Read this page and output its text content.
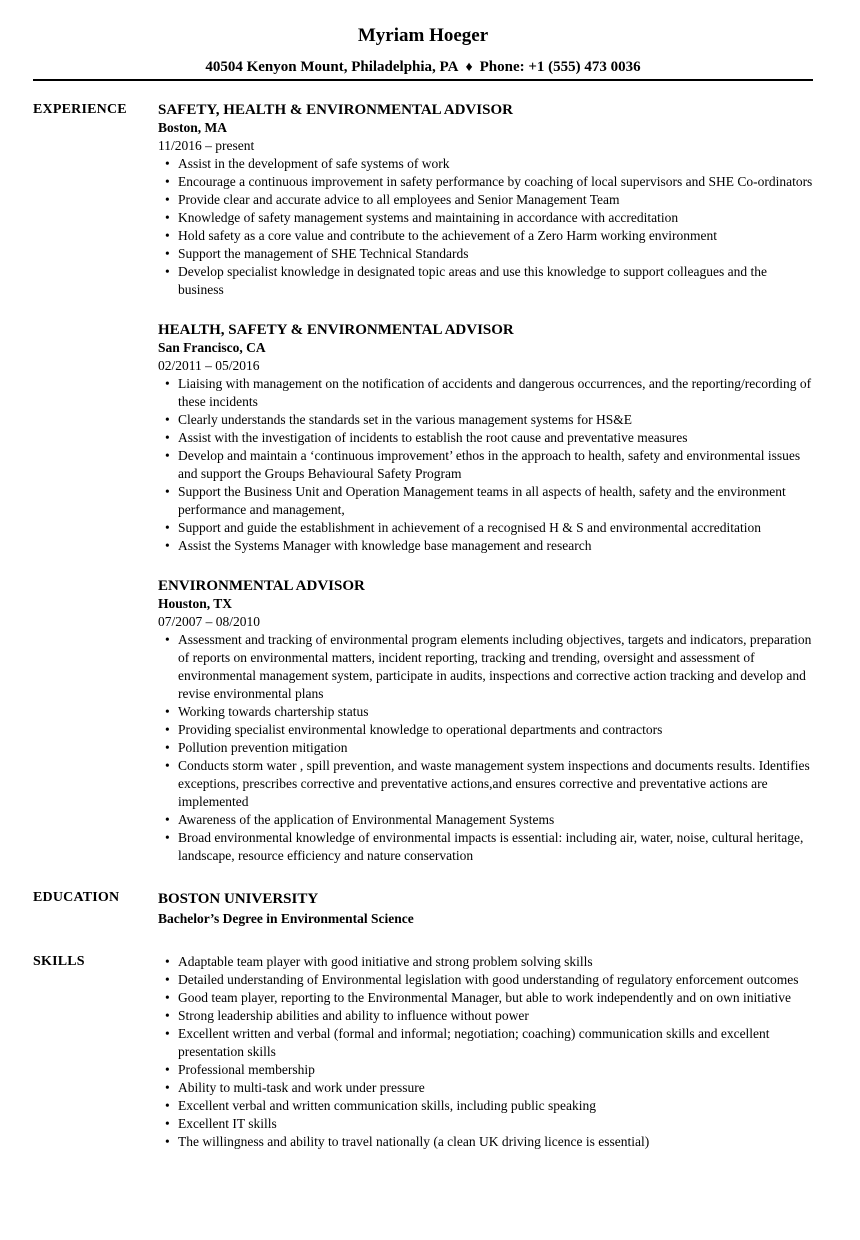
Myriam Hoeger
40504 Kenyon Mount, Philadelphia, PA ♦ Phone: +1 (555) 473 0036
EXPERIENCE	SAFETY, HEALTH & ENVIRONMENTAL ADVISOR
Boston, MA
11/2016 – present
•
Assist in the development of safe systems of work
•
Encourage a continuous improvement in safety performance by coaching of local supervisors and SHE Co-ordinators
•
Provide clear and accurate advice to all employees and Senior Management Team
•
Knowledge of safety management systems and maintaining in accordance with accreditation
•
Hold safety as a core value and contribute to the achievement of a Zero Harm working environment
•
Support the management of SHE Technical Standards
•
Develop specialist knowledge in designated topic areas and use this knowledge to support colleagues and the business
HEALTH, SAFETY & ENVIRONMENTAL ADVISOR
San Francisco, CA
02/2011 – 05/2016
•
Liaising with management on the notification of accidents and dangerous occurrences, and the reporting/recording of these incidents
•
Clearly understands the standards set in the various management systems for HS&E
•
Assist with the investigation of incidents to establish the root cause and preventative measures
•
Develop and maintain a ‘continuous improvement’ ethos in the approach to health, safety and environmental issues and support the Groups Behavioural Safety Program
•
Support the Business Unit and Operation Management teams in all aspects of health, safety and the environment performance and management,
•
Support and guide the establishment in achievement of a recognised H & S and environmental accreditation
•
Assist the Systems Manager with knowledge base management and research
ENVIRONMENTAL ADVISOR
Houston, TX
07/2007 – 08/2010
•
Assessment and tracking of environmental program elements including objectives, targets and indicators, preparation of reports on environmental matters, incident reporting, tracking and trending, oversight and assessment of environmental management system, participate in audits, inspections and corrective action tracking and develop and revise environmental plans
•
Working towards chartership status
•
Providing specialist environmental knowledge to operational departments and contractors
•
Pollution prevention mitigation
•
Conducts storm water , spill prevention, and waste management system inspections and documents results. Identifies exceptions, prescribes corrective and preventative actions,and ensures corrective and preventative actions are implemented
•
Awareness of the application of Environmental Management Systems
•
Broad environmental knowledge of environmental impacts is essential: including air, water, noise, cultural heritage, landscape, resource efficiency and nature conservation
EDUCATION	BOSTON UNIVERSITY
Bachelor’s Degree in Environmental Science
SKILLS •	Adaptable team player with good initiative and strong problem solving skills
•
Detailed understanding of Environmental legislation with good understanding of regulatory enforcement outcomes
•
Good team player, reporting to the Environmental Manager, but able to work independently and on own initiative
•
Strong leadership abilities and ability to influence without power
•
Excellent written and verbal (formal and informal; negotiation; coaching) communication skills and excellent presentation skills
•
Professional membership
•
Ability to multi-task and work under pressure
•
Excellent verbal and written communication skills, including public speaking
•
Excellent IT skills
•
The willingness and ability to travel nationally (a clean UK driving licence is essential)
